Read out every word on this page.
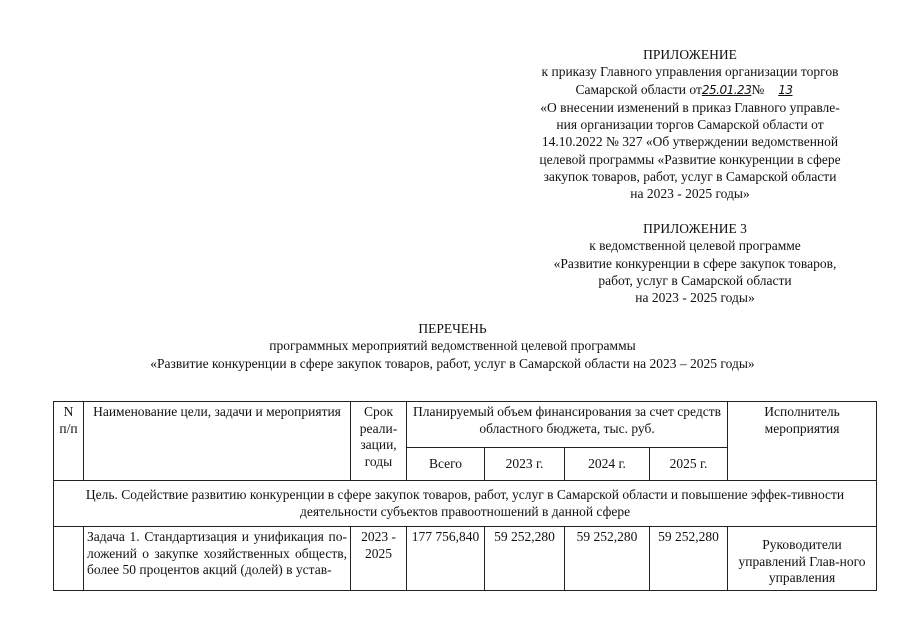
ПРИЛОЖЕНИЕ
к приказу Главного управления организации торгов
Самарской области от25.01.23№ 13
«О внесении изменений в приказ Главного управле-
ния организации торгов Самарской области от
14.10.2022 № 327 «Об утверждении ведомственной
целевой программы «Развитие конкуренции в сфере
закупок товаров, работ, услуг в Самарской области
на 2023 - 2025 годы»
ПРИЛОЖЕНИЕ 3
к ведомственной целевой программе
«Развитие конкуренции в сфере закупок товаров,
работ, услуг в Самарской области
на 2023 - 2025 годы»
ПЕРЕЧЕНЬ
программных мероприятий ведомственной целевой программы
«Развитие конкуренции в сфере закупок товаров, работ, услуг в Самарской области на 2023 – 2025 годы»
N п/п	Наименование цели, задачи и мероприятия	Срок реали-зации, годы	Планируемый объем финансирования за счет средств областного бюджета, тыс. руб.				Исполнитель мероприятия
			Всего	2023 г.	2024 г.	2025 г.	
Цель. Содействие развитию конкуренции в сфере закупок товаров, работ, услуг в Самарской области и повышение эффек-тивности деятельности субъектов правоотношений в данной сфере							
	Задача 1. Стандартизация и унификация по-ложений о закупке хозяйственных обществ, более 50 процентов акций (долей) в устав-	2023 - 2025	177 756,840	59 252,280	59 252,280	59 252,280	Руководители управлений Глав-ного управления
